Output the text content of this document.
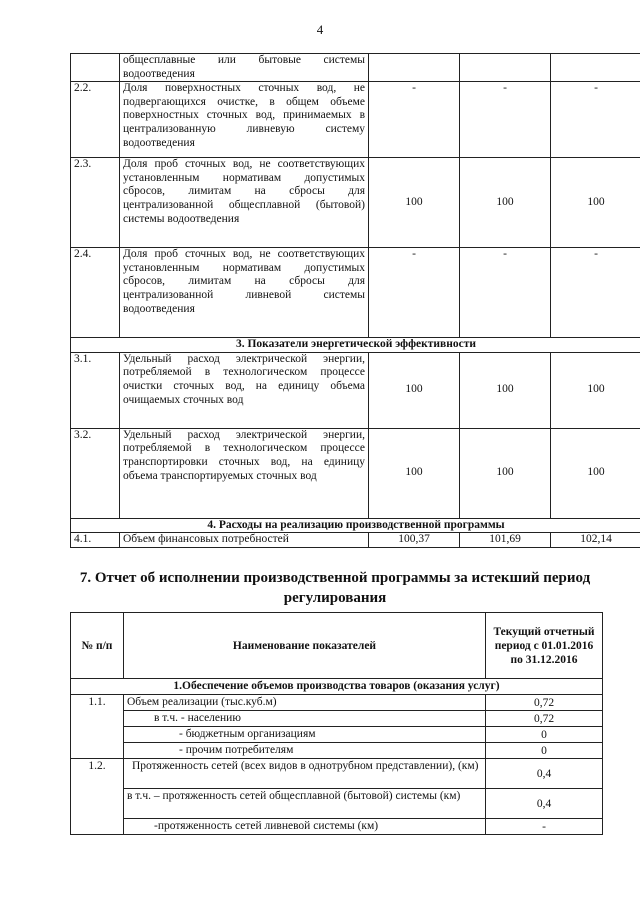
4
	общесплавные или бытовые системы водоотведения			
2.2.	Доля поверхностных сточных вод, не подвергающихся очистке, в общем объеме поверхностных сточных вод, принимаемых в централизованную ливневую систему водоотведения	-	-	-
2.3.	Доля проб сточных вод, не соответствующих установленным нормативам допустимых сбросов, лимитам на сбросы для централизованной общесплавной (бытовой) системы водоотведения	100	100	100
2.4.	Доля проб сточных вод, не соответствующих установленным нормативам допустимых сбросов, лимитам на сбросы для централизованной ливневой системы водоотведения	-	-	-
3. Показатели энергетической эффективности				
3.1.	Удельный расход электрической энергии, потребляемой в технологическом процессе очистки сточных вод, на единицу объема очищаемых сточных вод	100	100	100
3.2.	Удельный расход электрической энергии, потребляемой в технологическом процессе транспортировки сточных вод, на единицу объема транспортируемых сточных вод	100	100	100
4. Расходы на реализацию производственной программы				
4.1.	Объем финансовых потребностей	100,37	101,69	102,14
7. Отчет об исполнении производственной программы за истекший период регулирования
№ п/п	Наименование показателей	Текущий отчетный период с 01.01.2016 по 31.12.2016
1.Обеспечение объемов производства товаров (оказания услуг)		
1.1.	Объем реализации (тыс.куб.м)	0,72
	в т.ч. - населению	0,72
	- бюджетным организациям	0
	- прочим потребителям	0
1.2.	Протяженность сетей (всех видов в однотрубном представлении), (км)	0,4
	в т.ч. – протяженность сетей общесплавной (бытовой) системы (км)	0,4
	-протяженность сетей ливневой системы (км)	-
